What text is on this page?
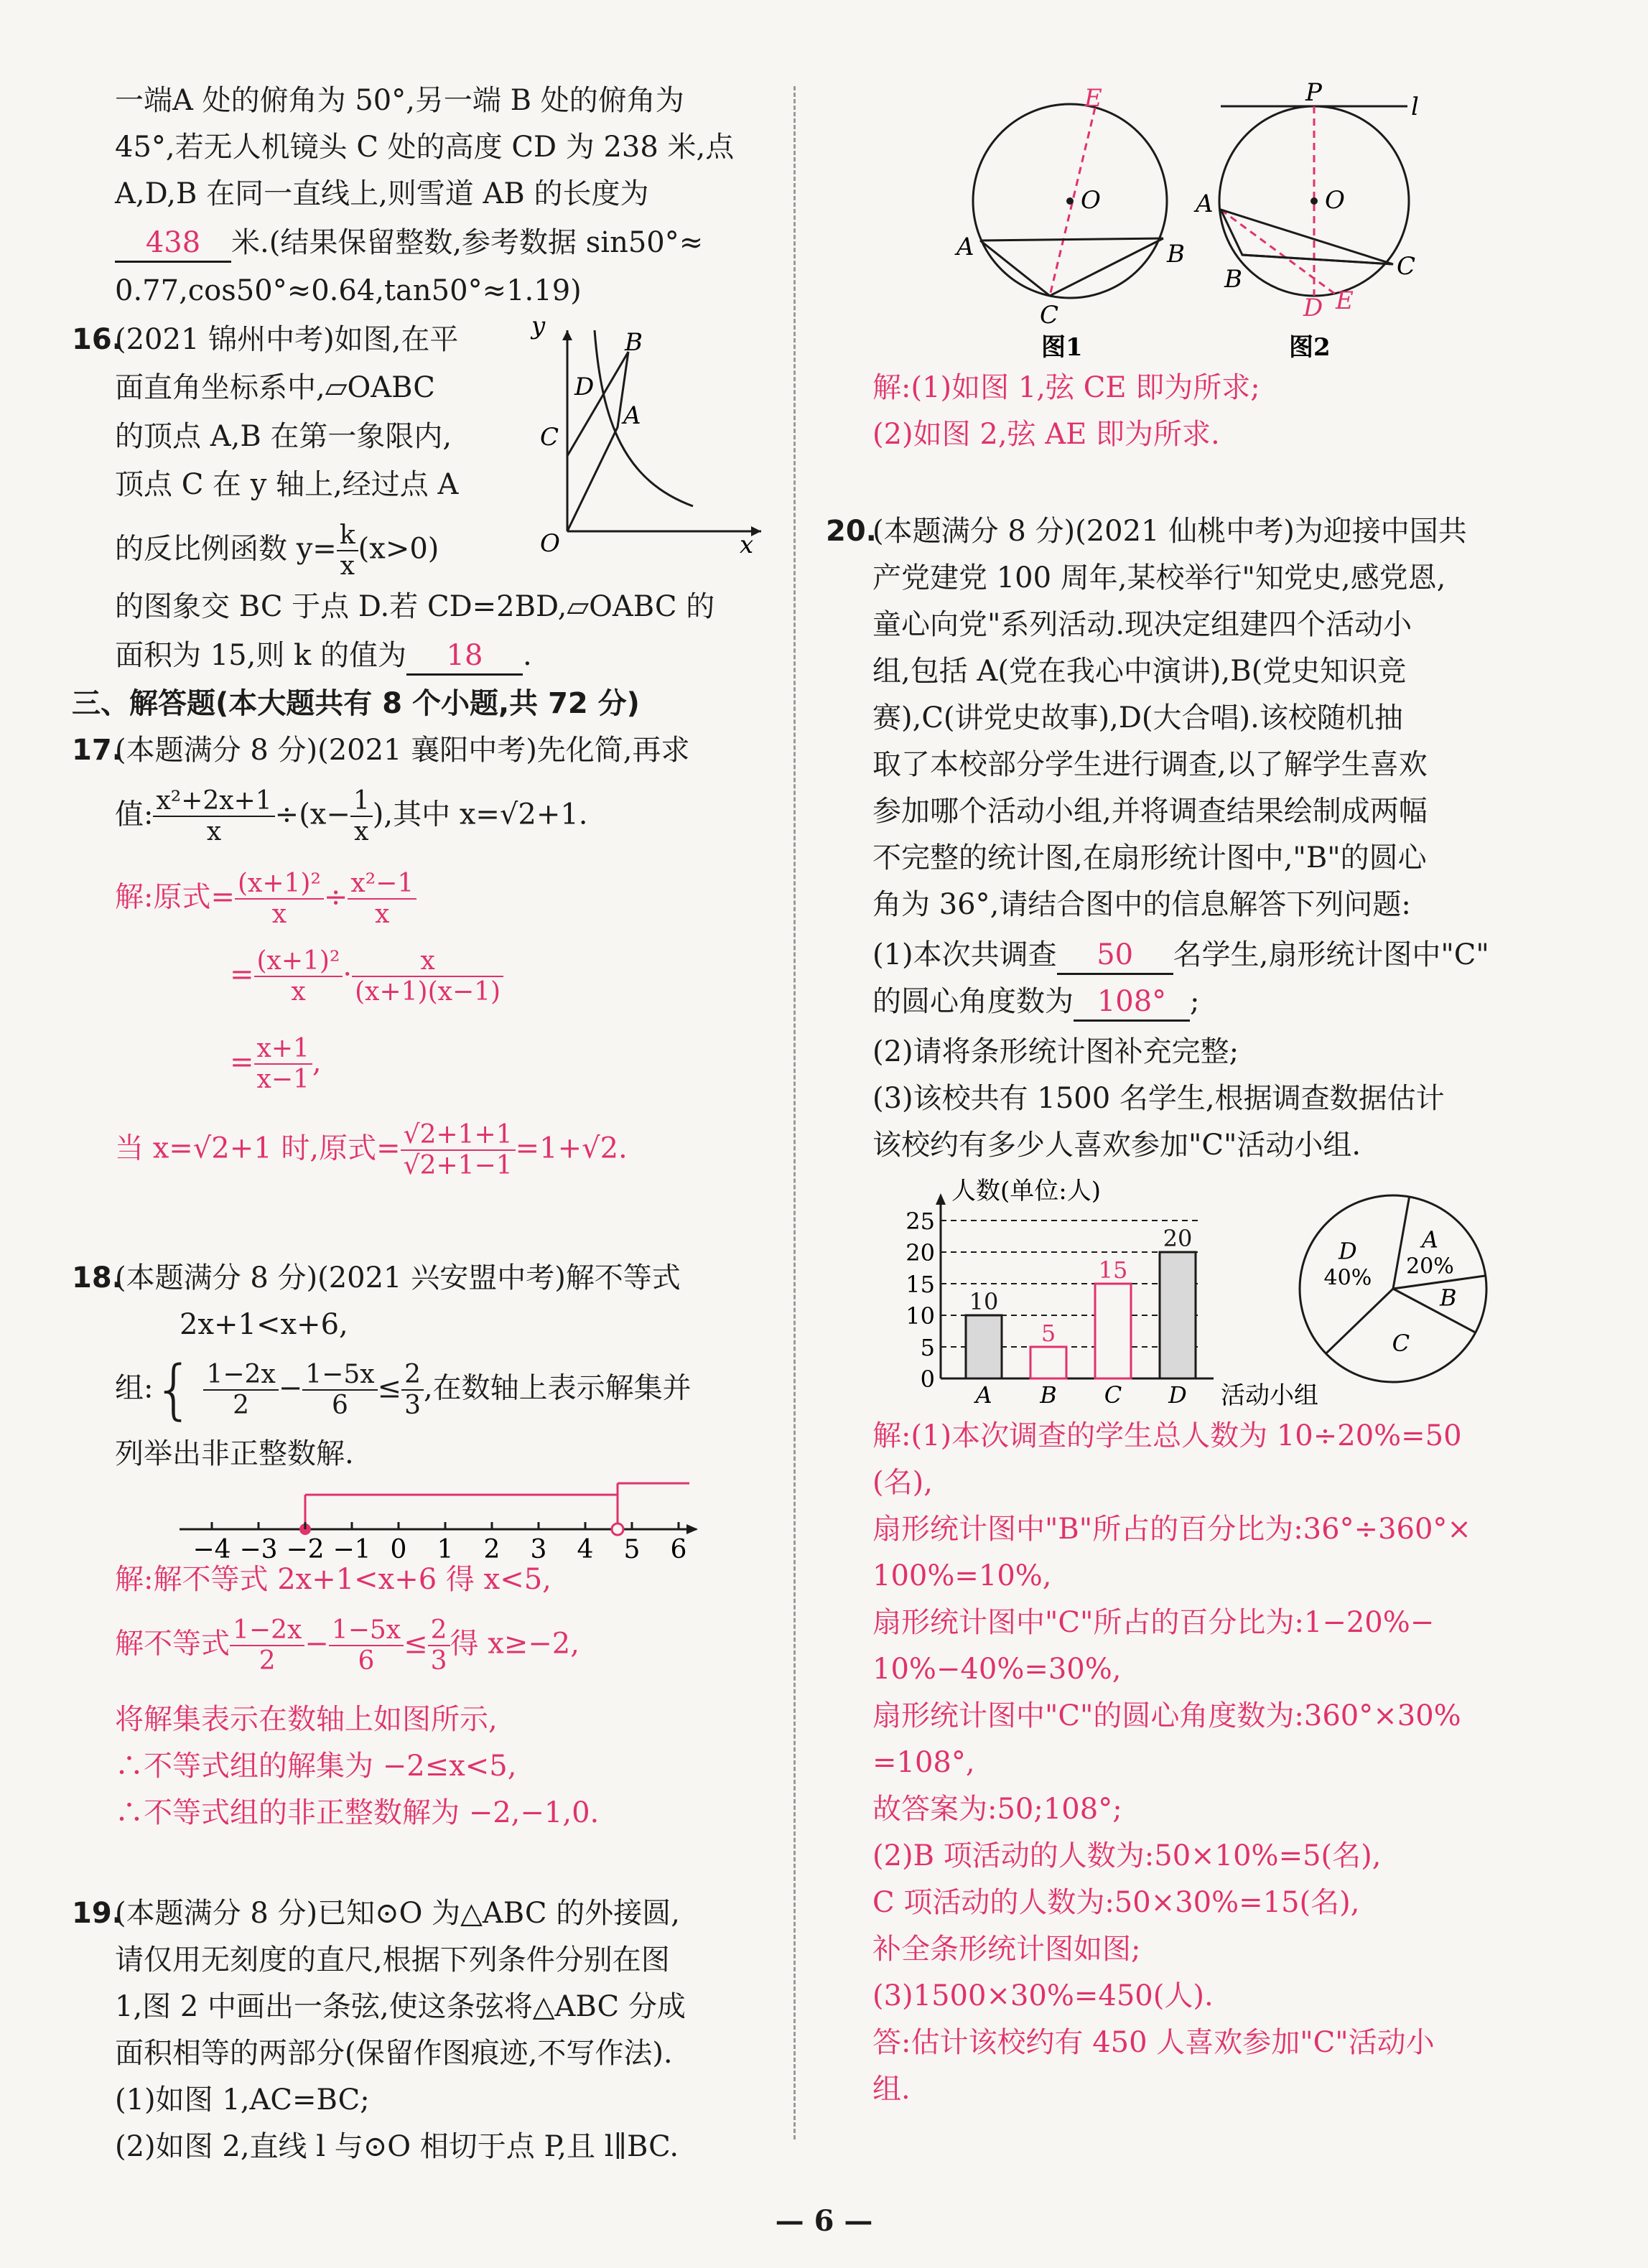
一端A 处的俯角为 50°,另一端 B 处的俯角为
45°,若无人机镜头 C 处的高度 CD 为 238 米,点
A,D,B 在同一直线上,则雪道 AB 的长度为
438 米.(结果保留整数,参考数据 sin50°≈
0.77,cos50°≈0.64,tan50°≈1.19)
16.
(2021 锦州中考)如图,在平
面直角坐标系中,▱OABC
的顶点 A,B 在第一象限内,
顶点 C 在 y 轴上,经过点 A
的反比例函数 $y= \frac{k}{x} (x>0)$
的图象交 BC 于点 D.若 CD=2BD,▱OABC 的
面积为 15,则 k 的值为 18 .
y
x
O
A
B
C
D
三、解答题(本大题共有 8 个小题,共 72 分)
17.
(本题满分 8 分)(2021 襄阳中考)先化简,再求
值: $\frac{\text{x²+2x+1}}{x} \div(x- \frac{1}{x}$ ),其中 x=√2+1.
解:原式= $\frac{\text{(x+1)²}}{x} \div \frac{\text{x²−1}}{x}$
= $\frac{\text{(x+1)²}}{x} \cdot \frac{x}{(x+1)(x-1)}$
= $\frac{x+1}{x-1}$ ,
当 x=√2+1 时,原式= $\frac{√2+1+1}{√2+1-1} =1+√2$.
18.
(本题满分 8 分)(2021 兴安盟中考)解不等式
2x+1<x+6,
组:{ $\frac{1-2x}{2} - \frac{1-5x}{6} \le \frac{2}{3}$ ,在数轴上表示解集并
列举出非正整数解.
−4 −3 −2 −1 0 1 2 3 4 5 6
解:解不等式 2x+1<x+6 得 x<5,
解不等式 $\frac{1-2x}{2} - \frac{1-5x}{6} \le \frac{2}{3}$ 得 x≥−2,
将解集表示在数轴上如图所示,
∴不等式组的解集为 −2≤x<5,
∴不等式组的非正整数解为 −2,−1,0.
19.
(本题满分 8 分)已知⊙O 为△ABC 的外接圆,
请仅用无刻度的直尺,根据下列条件分别在图
1,图 2 中画出一条弦,使这条弦将△ABC 分成
面积相等的两部分(保留作图痕迹,不写作法).
(1)如图 1,AC=BC;
(2)如图 2,直线 l 与⊙O 相切于点 P,且 l∥BC.
O
E
A	B
C
图1
P	l
O
A
B	C
D E
图2
解:(1)如图 1,弦 CE 即为所求;
(2)如图 2,弦 AE 即为所求.
20.
(本题满分 8 分)(2021 仙桃中考)为迎接中国共
产党建党 100 周年,某校举行"知党史,感党恩,
童心向党"系列活动.现决定组建四个活动小
组,包括 A(党在我心中演讲),B(党史知识竞
赛),C(讲党史故事),D(大合唱).该校随机抽
取了本校部分学生进行调查,以了解学生喜欢
参加哪个活动小组,并将调查结果绘制成两幅
不完整的统计图,在扇形统计图中,"B"的圆心
角为 36°,请结合图中的信息解答下列问题:
(1)本次共调查 50 名学生,扇形统计图中"C"
的圆心角度数为 108° ;
(2)请将条形统计图补充完整;
(3)该校共有 1500 名学生,根据调查数据估计
该校约有多少人喜欢参加"C"活动小组.
人数(单位:人)
活动小组
0
5
10
15
20
25
10
A
5
B
15
C
20
D
A
20%
B
C
D
40%
解:(1)本次调查的学生总人数为 10÷20%=50
(名),
扇形统计图中"B"所占的百分比为:36°÷360°×
100%=10%,
扇形统计图中"C"所占的百分比为:1−20%−
10%−40%=30%,
扇形统计图中"C"的圆心角度数为:360°×30%
=108°,
故答案为:50;108°;
(2)B 项活动的人数为:50×10%=5(名),
C 项活动的人数为:50×30%=15(名),
补全条形统计图如图;
(3)1500×30%=450(人).
答:估计该校约有 450 人喜欢参加"C"活动小
组.
— 6 —
